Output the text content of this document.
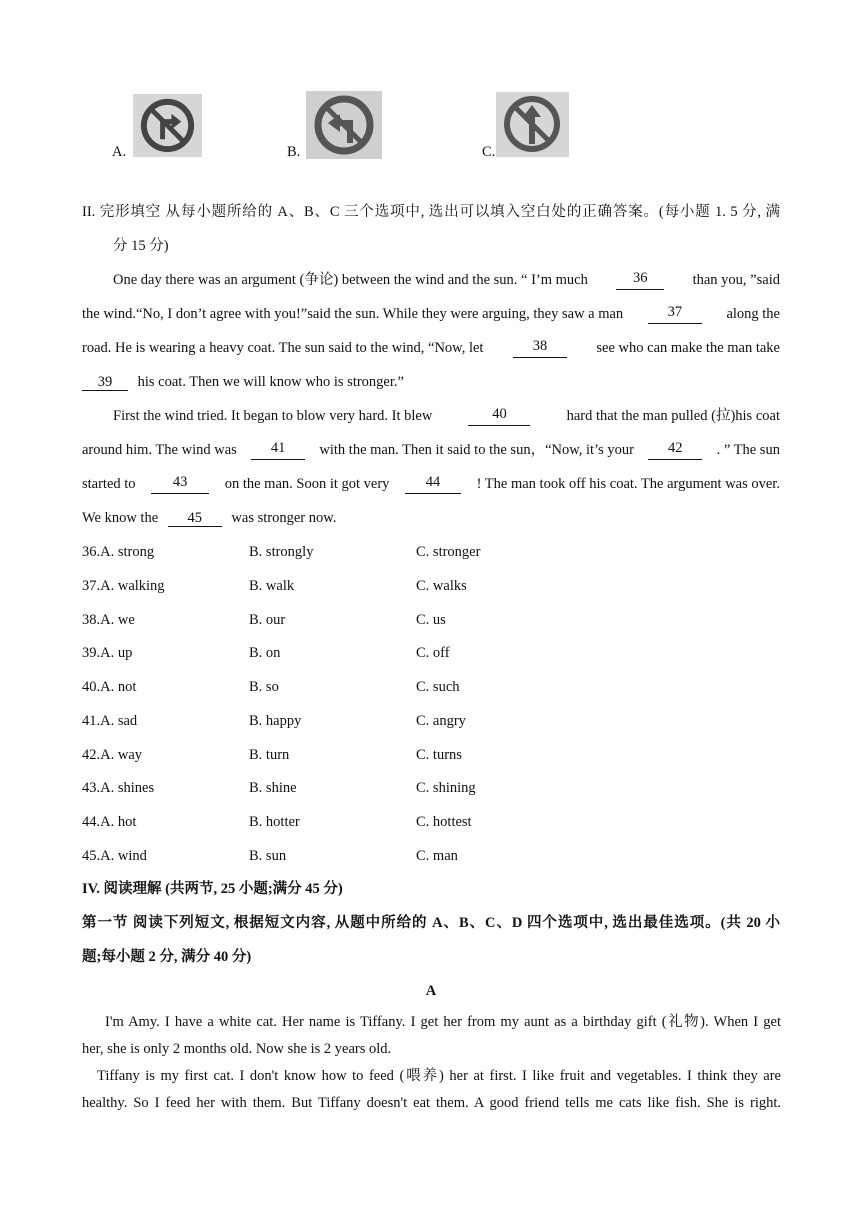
A.	B.	C.
II. 完形填空 从每小题所给的 A、B、C 三个选项中, 选出可以填入空白处的正确答案。(每小题 1. 5 分, 满
分 15 分)
One day there was an argument (争论) between the wind and the sun. “ I’m much	36	than you, ”said
the wind.“No, I don’t agree with you!”said the sun. While they were arguing, they saw a man	37	along the
road. He is wearing a heavy coat. The sun said to the wind, “Now, let	38	see who can make the man take
39 his coat. Then we will know who is stronger.”
First the wind tried. It began to blow very hard. It blew	40	hard that the man pulled (拉)his coat
around him. The wind was	41	with the man. Then it said to the sun，“Now, it’s your	42	. ” The sun
started to	43	on the man. Soon it got very	44	! The man took off his coat. The argument was over.
We know the 45 was stronger now.
36.A. strong	B. strongly	C. stronger
37.A. walking	B. walk	C. walks
38.A. we	B. our	C. us
39.A. up	B. on	C. off
40.A. not	B. so	C. such
41.A. sad	B. happy	C. angry
42.A. way	B. turn	C. turns
43.A. shines	B. shine	C. shining
44.A. hot	B. hotter	C. hottest
45.A. wind	B. sun	C. man
IV. 阅读理解 (共两节, 25 小题;满分 45 分)
第一节 阅读下列短文, 根据短文内容, 从题中所给的 A、B、C、D 四个选项中, 选出最佳选项。(共 20 小
题;每小题 2 分, 满分 40 分)
A
I'm Amy. I have a white cat. Her name is Tiffany. I get her from my aunt as a birthday gift (礼物). When I get
her, she is only 2 months old. Now she is 2 years old.
Tiffany is my first cat. I don't know how to feed (喂养) her at first. I like fruit and vegetables. I think they are
healthy. So I feed her with them. But Tiffany doesn't eat them. A good friend tells me cats like fish. She is right.
